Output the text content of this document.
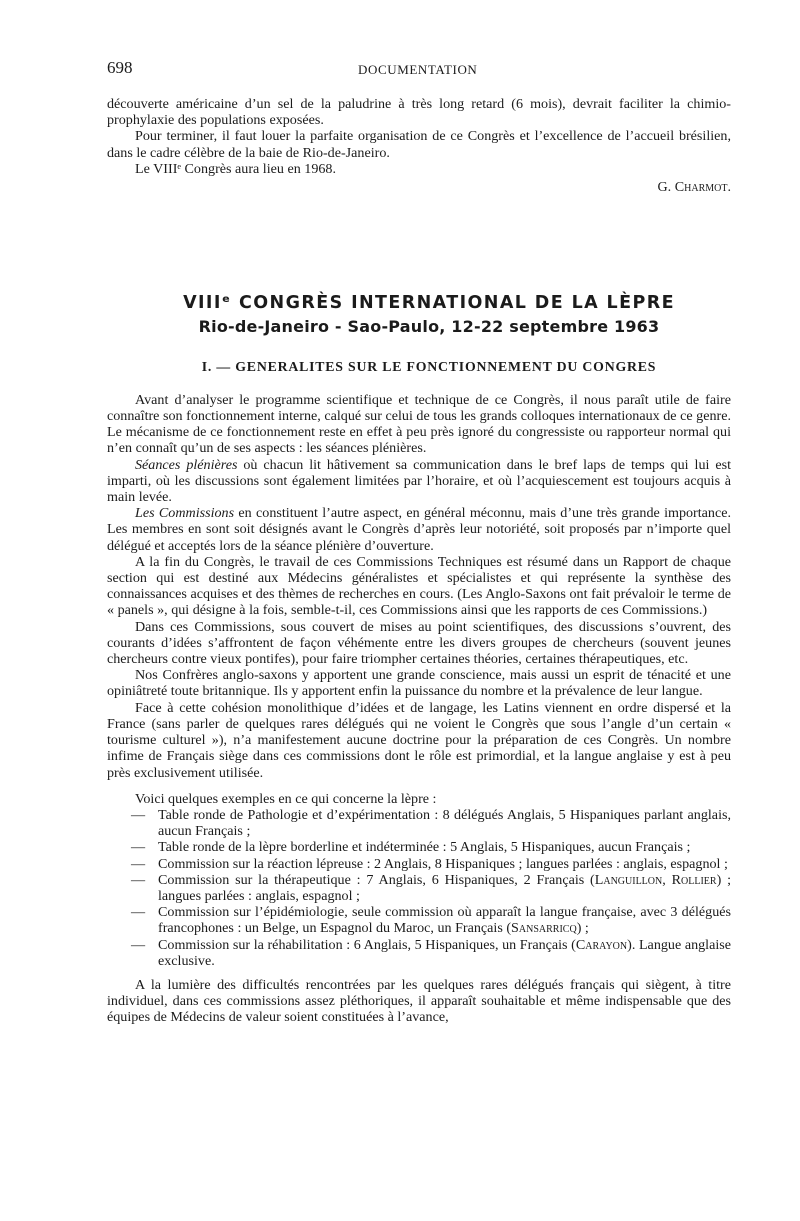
698	DOCUMENTATION

découverte américaine d’un sel de la paludrine à très long retard (6 mois), devrait faciliter la chimio-prophylaxie des populations exposées.

Pour terminer, il faut louer la parfaite organisation de ce Congrès et l’excellence de l’accueil brésilien, dans le cadre célèbre de la baie de Rio-de-Janeiro.

Le VIIIᵉ Congrès aura lieu en 1968.

G. Charmot.

VIIIᵉ CONGRÈS INTERNATIONAL DE LA LÈPRE
Rio-de-Janeiro - Sao-Paulo, 12-22 septembre 1963
I. — GENERALITES SUR LE FONCTIONNEMENT DU CONGRES

Avant d’analyser le programme scientifique et technique de ce Congrès, il nous paraît utile de faire connaître son fonctionnement interne, calqué sur celui de tous les grands colloques internationaux de ce genre. Le mécanisme de ce fonctionnement reste en effet à peu près ignoré du congressiste ou rapporteur normal qui n’en connaît qu’un de ses aspects : les séances plénières.

Séances plénières où chacun lit hâtivement sa communication dans le bref laps de temps qui lui est imparti, où les discussions sont également limitées par l’horaire, et où l’acquiescement est toujours acquis à main levée.

Les Commissions en constituent l’autre aspect, en général méconnu, mais d’une très grande importance. Les membres en sont soit désignés avant le Congrès d’après leur notoriété, soit proposés par n’importe quel délégué et acceptés lors de la séance plénière d’ouverture.

A la fin du Congrès, le travail de ces Commissions Techniques est résumé dans un Rapport de chaque section qui est destiné aux Médecins généralistes et spécialistes et qui représente la synthèse des connaissances acquises et des thèmes de recherches en cours. (Les Anglo-Saxons ont fait prévaloir le terme de « panels », qui désigne à la fois, semble-t-il, ces Commissions ainsi que les rapports de ces Commissions.)

Dans ces Commissions, sous couvert de mises au point scientifiques, des discussions s’ouvrent, des courants d’idées s’affrontent de façon véhémente entre les divers groupes de chercheurs (souvent jeunes chercheurs contre vieux pontifes), pour faire triompher certaines théories, certaines thérapeutiques, etc.

Nos Confrères anglo-saxons y apportent une grande conscience, mais aussi un esprit de ténacité et une opiniâtreté toute britannique. Ils y apportent enfin la puissance du nombre et la prévalence de leur langue.

Face à cette cohésion monolithique d’idées et de langage, les Latins viennent en ordre dispersé et la France (sans parler de quelques rares délégués qui ne voient le Congrès que sous l’angle d’un certain « tourisme culturel »), n’a manifestement aucune doctrine pour la préparation de ces Congrès. Un nombre infime de Français siège dans ces commissions dont le rôle est primordial, et la langue anglaise y est à peu près exclusivement utilisée.

Voici quelques exemples en ce qui concerne la lèpre :

— Table ronde de Pathologie et d’expérimentation : 8 délégués Anglais, 5 Hispaniques parlant anglais, aucun Français ;
— Table ronde de la lèpre borderline et indéterminée : 5 Anglais, 5 Hispaniques, aucun Français ;
— Commission sur la réaction lépreuse : 2 Anglais, 8 Hispaniques ; langues parlées : anglais, espagnol ;
— Commission sur la thérapeutique : 7 Anglais, 6 Hispaniques, 2 Français (Languillon, Rollier) ; langues parlées : anglais, espagnol ;
— Commission sur l’épidémiologie, seule commission où apparaît la langue française, avec 3 délégués francophones : un Belge, un Espagnol du Maroc, un Français (Sansarricq) ;
— Commission sur la réhabilitation : 6 Anglais, 5 Hispaniques, un Français (Carayon). Langue anglaise exclusive.

A la lumière des difficultés rencontrées par les quelques rares délégués français qui siègent, à titre individuel, dans ces commissions assez pléthoriques, il apparaît souhaitable et même indispensable que des équipes de Médecins de valeur soient constituées à l’avance,
